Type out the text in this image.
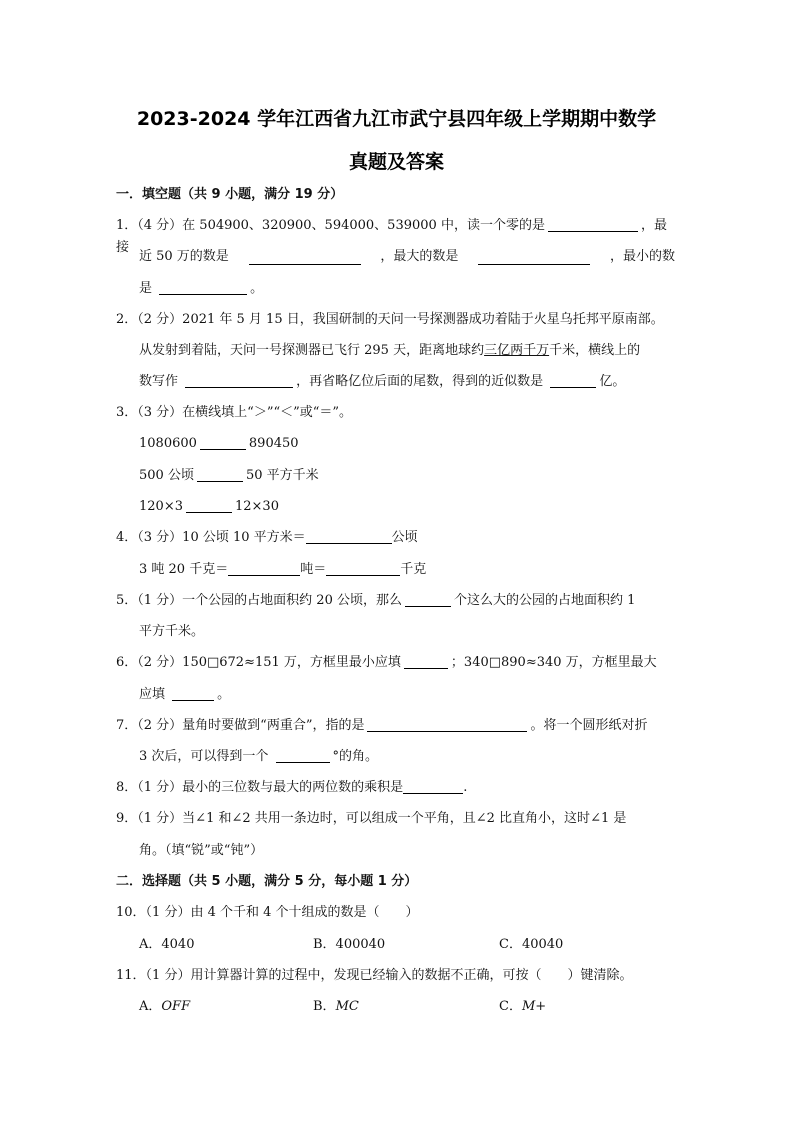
2023-2024 学年江西省九江市武宁县四年级上学期期中数学
真题及答案
一．填空题（共 9 小题，满分 19 分）
1．（4 分）在 504900、320900、594000、539000 中，读一个零的是	，最接
近 50 万的数是	，最大的数是	，最小的数
是	。
2．（2 分）2021 年 5 月 15 日，我国研制的天问一号探测器成功着陆于火星乌托邦平原南部。
从发射到着陆，天问一号探测器已飞行 295 天，距离地球约三亿两千万千米，横线上的
数写作	，再省略亿位后面的尾数，得到的近似数是	亿。
3．（3 分）在横线填上“＞”“＜”或“＝”。
1080600	890450
500 公顷	50 平方千米
120×3	12×30
4．（3 分）10 公顷 10 平方米＝	公顷
3 吨 20 千克＝	吨＝	千克
5．（1 分）一个公园的占地面积约 20 公顷，那么	个这么大的公园的占地面积约 1
平方千米。
6．（2 分）150□672≈151 万，方框里最小应填	；340□890≈340 万，方框里最大
应填	。
7．（2 分）量角时要做到“两重合”，指的是	。将一个圆形纸对折
3 次后，可以得到一个	°的角。
8．（1 分）最小的三位数与最大的两位数的乘积是	.
9．（1 分）当∠1 和∠2 共用一条边时，可以组成一个平角，且∠2 比直角小，这时∠1 是
角。（填“锐”或“钝”）
二．选择题（共 5 小题，满分 5 分，每小题 1 分）
10．（1 分）由 4 个千和 4 个十组成的数是（　　）
A．4040	B．400040	C．40040
11．（1 分）用计算器计算的过程中，发现已经输入的数据不正确，可按（　　）键清除。
A．OFF	B．MC	C．M+
